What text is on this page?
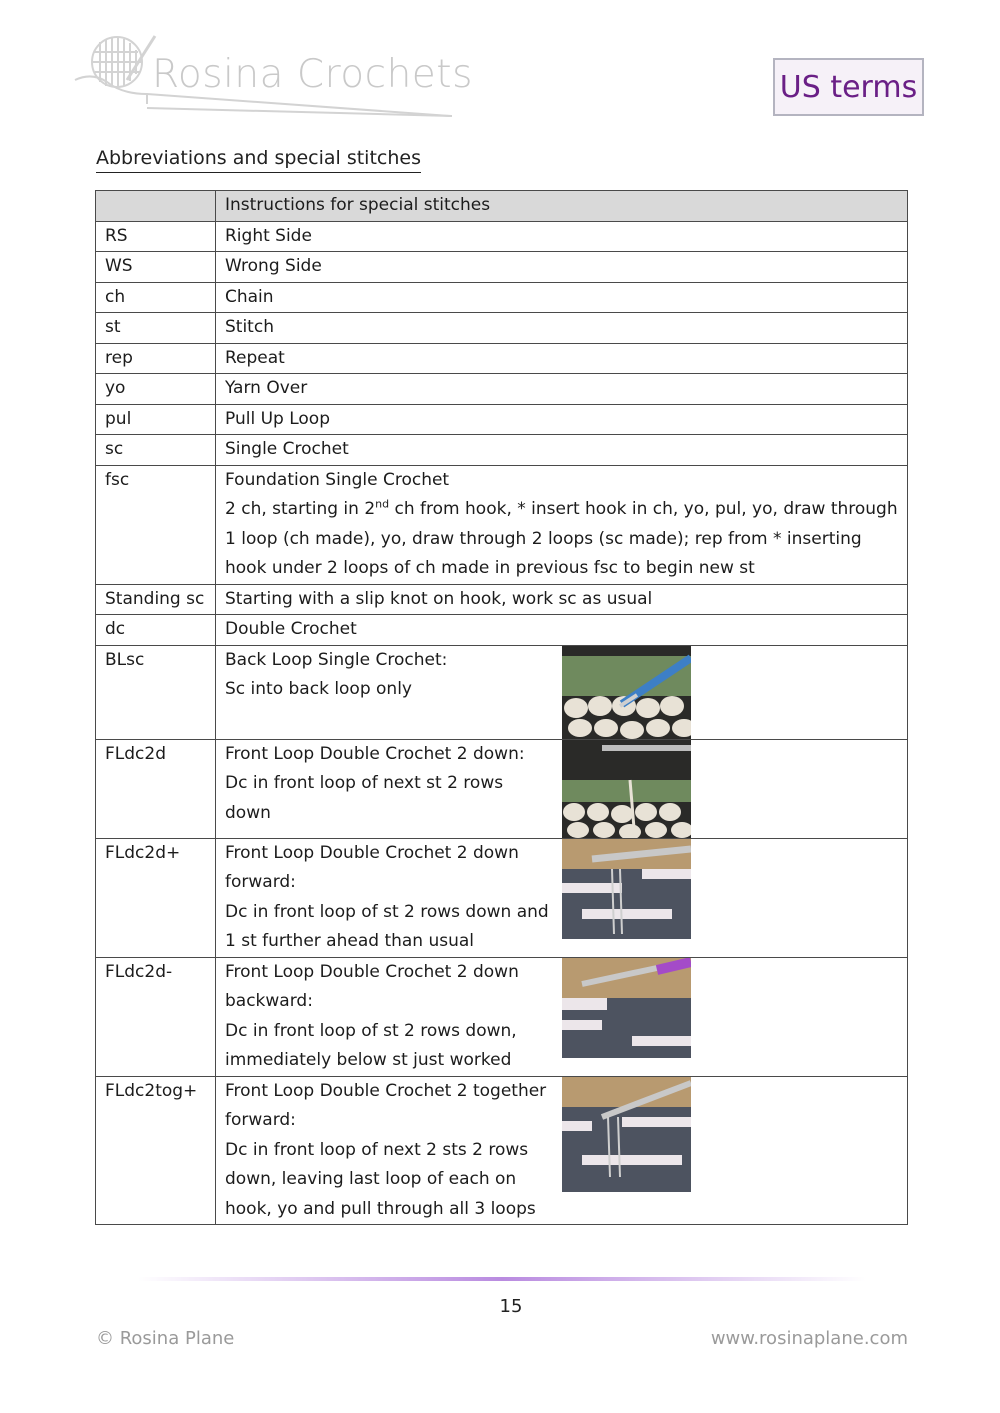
Rosina Crochets	US terms
Abbreviations and special stitches
	Instructions for special stitches	
RS	Right Side	
WS	Wrong Side	
ch	Chain	
st	Stitch	
rep	Repeat	
yo	Yarn Over	
pul	Pull Up Loop	
sc	Single Crochet	
fsc	Foundation Single Crochet
2 ch, starting in 2nd ch from hook, * insert hook in ch, yo, pul, yo, draw through 1 loop (ch made), yo, draw through 2 loops (sc made); rep from * inserting hook under 2 loops of ch made in previous fsc to begin new st	

Standing sc	Starting with a slip knot on hook, work sc as usual	
dc	Double Crochet	
BLsc	Back Loop Single Crochet:
Sc into back loop only

FLdc2d	Front Loop Double Crochet 2 down:
Dc in front loop of next st 2 rows down

FLdc2d+	Front Loop Double Crochet 2 down forward:
Dc in front loop of st 2 rows down and 1 st further ahead than usual

FLdc2d-	Front Loop Double Crochet 2 down backward:
Dc in front loop of st 2 rows down, immediately below st just worked

FLdc2tog+	Front Loop Double Crochet 2 together forward:
Dc in front loop of next 2 sts 2 rows down, leaving last loop of each on hook, yo and pull through all 3 loops

15
© Rosina Plane	www.rosinaplane.com
